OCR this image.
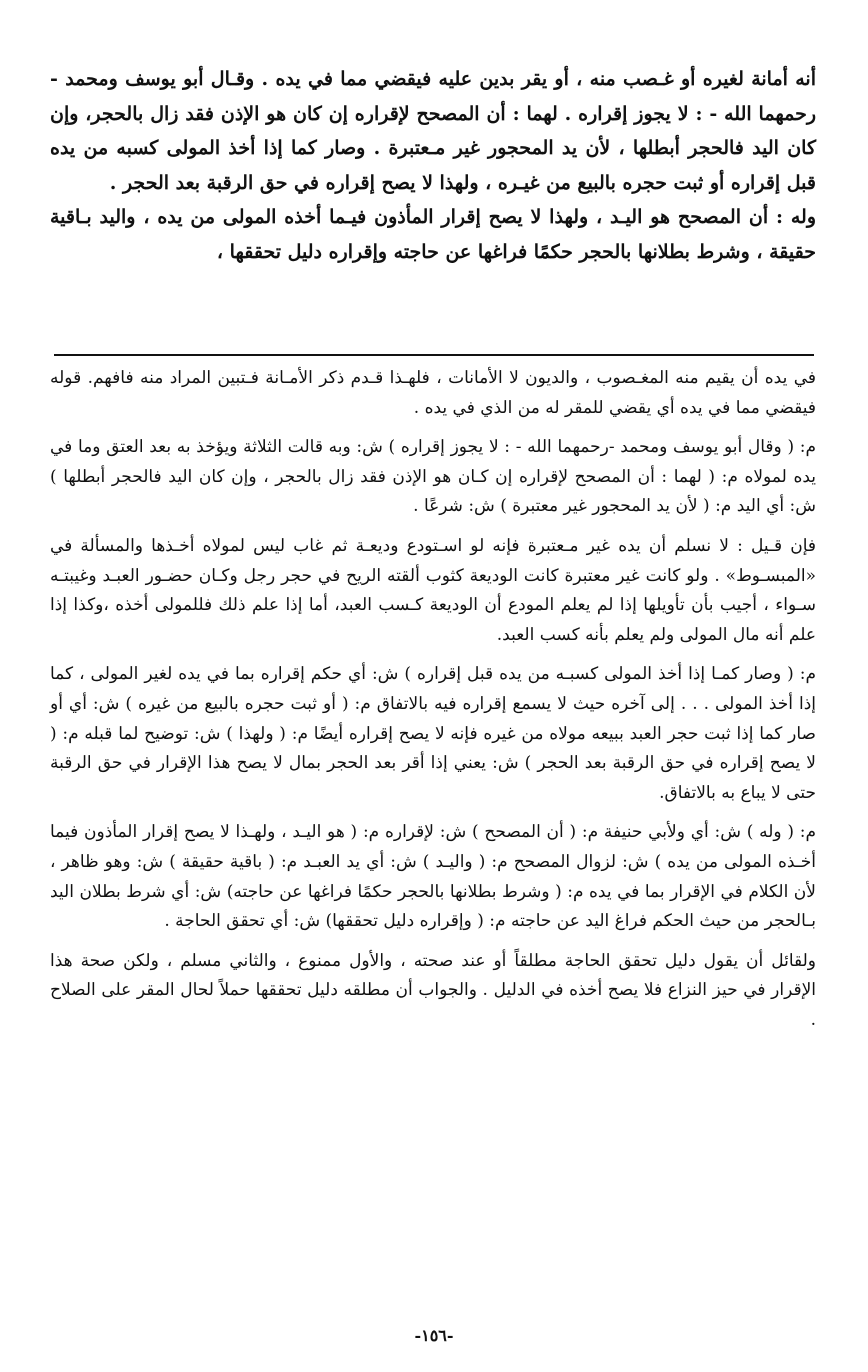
أنه أمانة لغيره أو غـصب منه ، أو يقر بدين عليه فيقضي مما في يده . وقـال أبو يوسف ومحمد - رحمهما الله - : لا يجوز إقراره . لهما : أن المصحح لإقراره إن كان هو الإذن فقد زال بالحجر، وإن كان اليد فالحجر أبطلها ، لأن يد المحجور غير مـعتبرة . وصار كما إذا أخذ المولى كسبه من يده قبل إقراره أو ثبت حجره بالبيع من غيـره ، ولهذا لا يصح إقراره في حق الرقبة بعد الحجر .

وله : أن المصحح هو اليـد ، ولهذا لا يصح إقرار المأذون فيـما أخذه المولى من يده ، واليد بـاقية حقيقة ، وشرط بطلانها بالحجر حكمًا فراغها عن حاجته وإقراره دليل تحققها ،

في يده أن يقيم منه المغـصوب ، والديون لا الأمانات ، فلهـذا قـدم ذكر الأمـانة فـتبين المراد منه فافهم. قوله فيقضي مما في يده أي يقضي للمقر له من الذي في يده .

م: ( وقال أبو يوسف ومحمد -رحمهما الله - : لا يجوز إقراره ) ش: وبه قالت الثلاثة ويؤخذ به بعد العتق وما في يده لمولاه م: ( لهما : أن المصحح لإقراره إن كـان هو الإذن فقد زال بالحجر ، وإن كان اليد فالحجر أبطلها ) ش: أي اليد م: ( لأن يد المحجور غير معتبرة ) ش: شرعًا .

فإن قـيل : لا نسلم أن يده غير مـعتبرة فإنه لو اسـتودع وديعـة ثم غاب ليس لمولاه أخـذها والمسألة في «المبسـوط» . ولو كانت غير معتبرة كانت الوديعة كثوب ألقته الريح في حجر رجل وكـان حضـور العبـد وغيبتـه سـواء ، أجيب بأن تأويلها إذا لم يعلم المودع أن الوديعة كـسب العبد، أما إذا علم ذلك فللمولى أخذه ،وكذا إذا علم أنه مال المولى ولم يعلم بأنه كسب العبد.

م: ( وصار كمـا إذا أخذ المولى كسبـه من يده قبل إقراره ) ش: أي حكم إقراره بما في يده لغير المولى ، كما إذا أخذ المولى . . . إلى آخره حيث لا يسمع إقراره فيه بالاتفاق م: ( أو ثبت حجره بالبيع من غيره ) ش: أي أو صار كما إذا ثبت حجر العبد ببيعه مولاه من غيره فإنه لا يصح إقراره أيضًا م: ( ولهذا ) ش: توضيح لما قبله م: ( لا يصح إقراره في حق الرقبة بعد الحجر ) ش: يعني إذا أقر بعد الحجر بمال لا يصح هذا الإقرار في حق الرقبة حتى لا يباع به بالاتفاق.

م: ( وله ) ش: أي ولأبي حنيفة م: ( أن المصحح ) ش: لإقراره م: ( هو اليـد ، ولهـذا لا يصح إقرار المأذون فيما أخـذه المولى من يده ) ش: لزوال المصحح م: ( واليـد ) ش: أي يد العبـد م: ( باقية حقيقة ) ش: وهو ظاهر ، لأن الكلام في الإقرار بما في يده م: ( وشرط بطلانها بالحجر حكمًا فراغها عن حاجته) ش: أي شرط بطلان اليد بـالحجر من حيث الحكم فراغ اليد عن حاجته م: ( وإقراره دليل تحققها) ش: أي تحقق الحاجة .

ولقائل أن يقول دليل تحقق الحاجة مطلقاً أو عند صحته ، والأول ممنوع ، والثاني مسلم ، ولكن صحة هذا الإقرار في حيز النزاع فلا يصح أخذه في الدليل . والجواب أن مطلقه دليل تحققها حملاً لحال المقر على الصلاح .

-١٥٦-
